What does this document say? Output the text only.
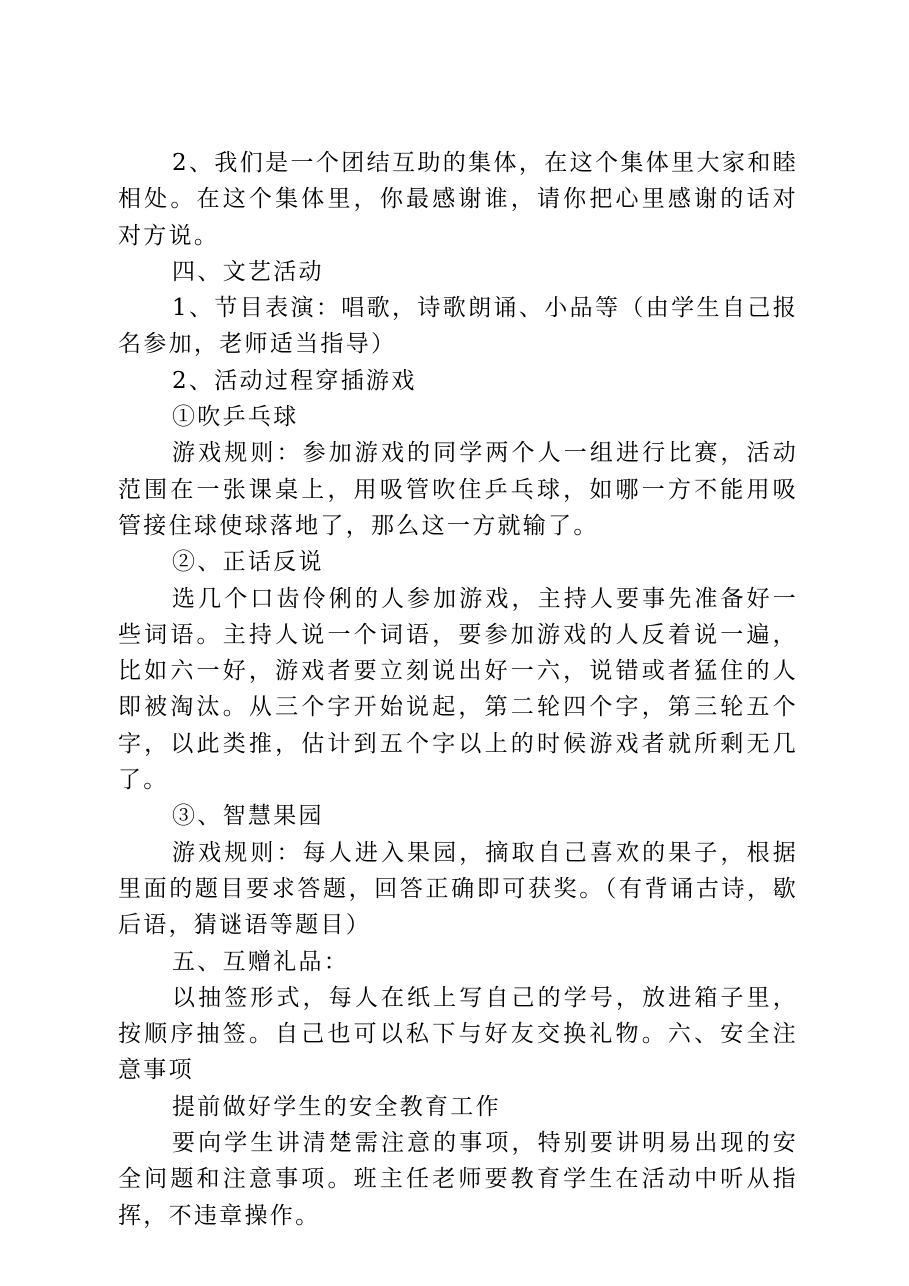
2、我们是一个团结互助的集体，在这个集体里大家和睦相处。在这个集体里，你最感谢谁，请你把心里感谢的话对对方说。

四、文艺活动

1、节目表演：唱歌，诗歌朗诵、小品等（由学生自己报名参加，老师适当指导）

2、活动过程穿插游戏

①吹乒乓球

游戏规则：参加游戏的同学两个人一组进行比赛，活动范围在一张课桌上，用吸管吹住乒乓球，如哪一方不能用吸管接住球使球落地了，那么这一方就输了。

②、正话反说

选几个口齿伶俐的人参加游戏，主持人要事先准备好一些词语。主持人说一个词语，要参加游戏的人反着说一遍，比如六一好，游戏者要立刻说出好一六，说错或者猛住的人即被淘汰。从三个字开始说起，第二轮四个字，第三轮五个字，以此类推，估计到五个字以上的时候游戏者就所剩无几了。

③、智慧果园

游戏规则：每人进入果园，摘取自己喜欢的果子，根据里面的题目要求答题，回答正确即可获奖。（有背诵古诗，歇后语，猜谜语等题目）

五、互赠礼品：

以抽签形式，每人在纸上写自己的学号，放进箱子里，按顺序抽签。自己也可以私下与好友交换礼物。六、安全注意事项

提前做好学生的安全教育工作

要向学生讲清楚需注意的事项，特别要讲明易出现的安全问题和注意事项。班主任老师要教育学生在活动中听从指挥，不违章操作。
